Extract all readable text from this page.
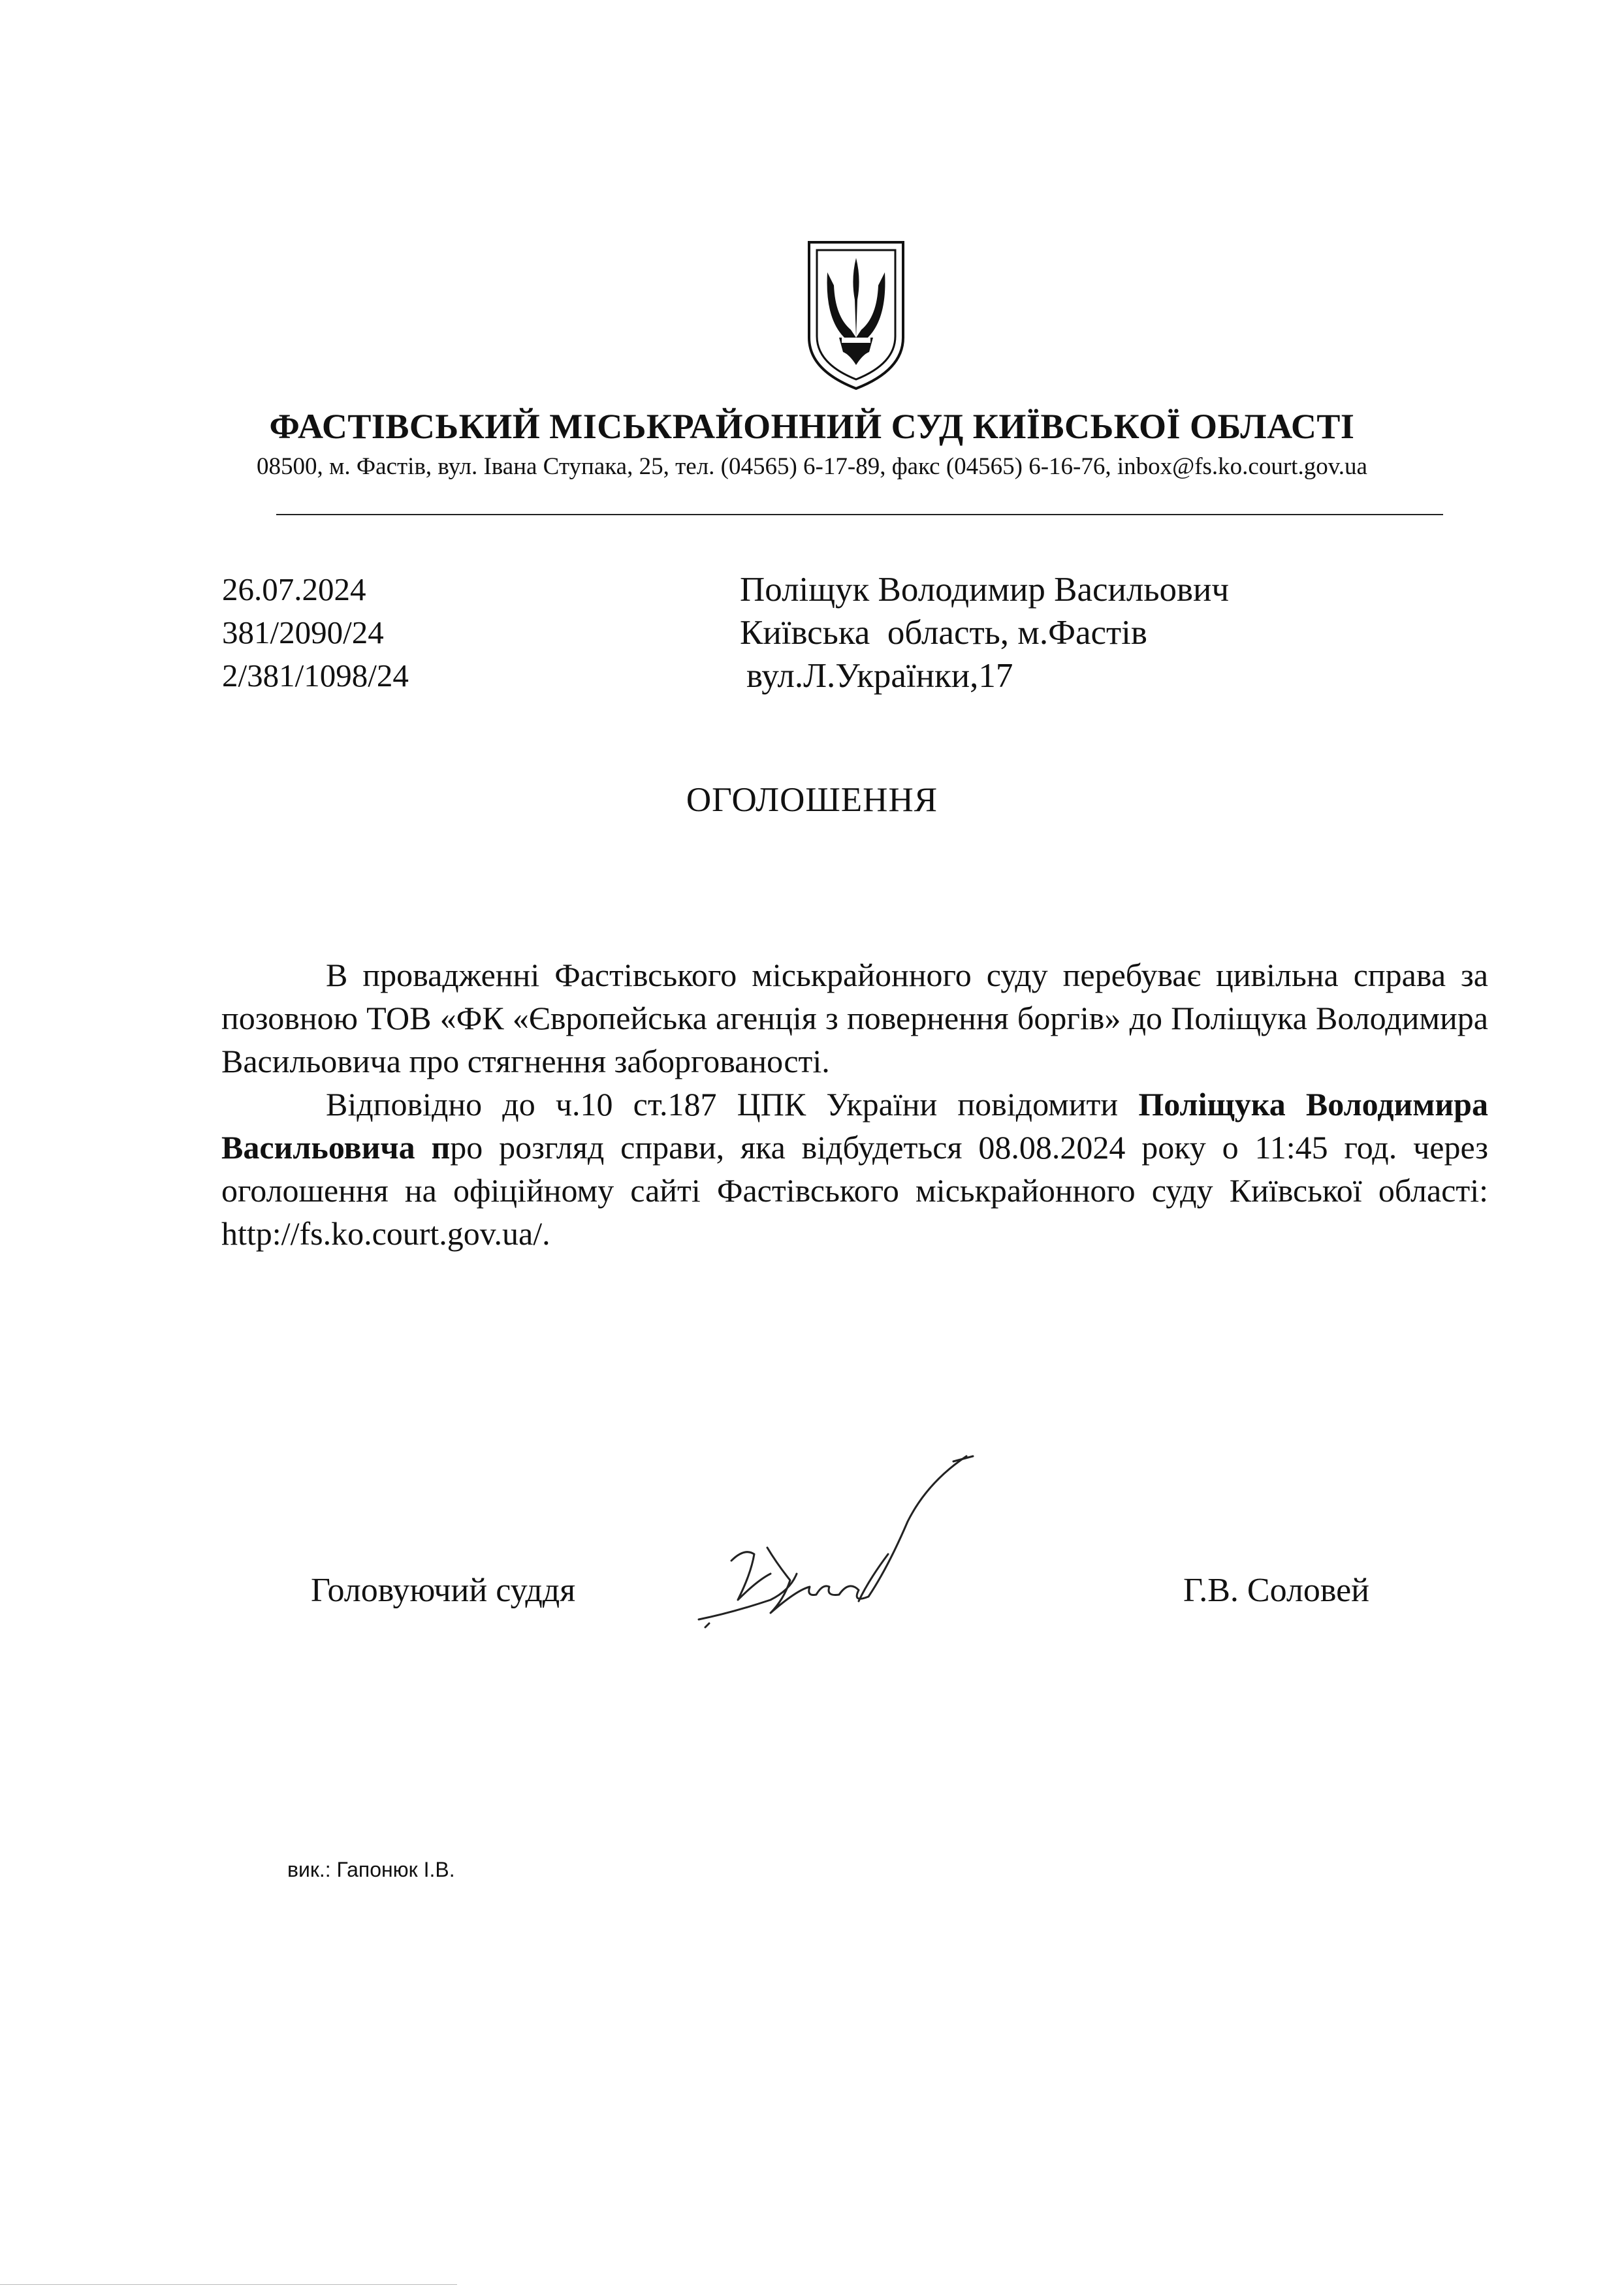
ФАСТІВСЬКИЙ МІСЬКРАЙОННИЙ СУД КИЇВСЬКОЇ ОБЛАСТІ
08500, м. Фастів, вул. Івана Ступака, 25, тел. (04565) 6-17-89, факс (04565) 6-16-76, inbox@fs.ko.court.gov.ua
26.07.2024
381/2090/24
2/381/1098/24
Поліщук Володимир Васильович
Київська  область, м.Фастів
вул.Л.Українки,17
ОГОЛОШЕННЯ

В провадженні Фастівського міськрайонного суду перебуває цивільна справа за позовною ТОВ «ФК «Європейська агенція з повернення боргів» до Поліщука Володимира Васильовича про стягнення заборгованості.

Відповідно до ч.10 ст.187 ЦПК України повідомити Поліщука Володимира Васильовича про розгляд справи, яка відбудеться 08.08.2024 року о 11:45 год. через оголошення на офіційному сайті Фастівського міськрайонного суду Київської області: http://fs.ko.court.gov.ua/.

Головуючий суддя	Г.В. Соловей
вик.: Гапонюк І.В.
